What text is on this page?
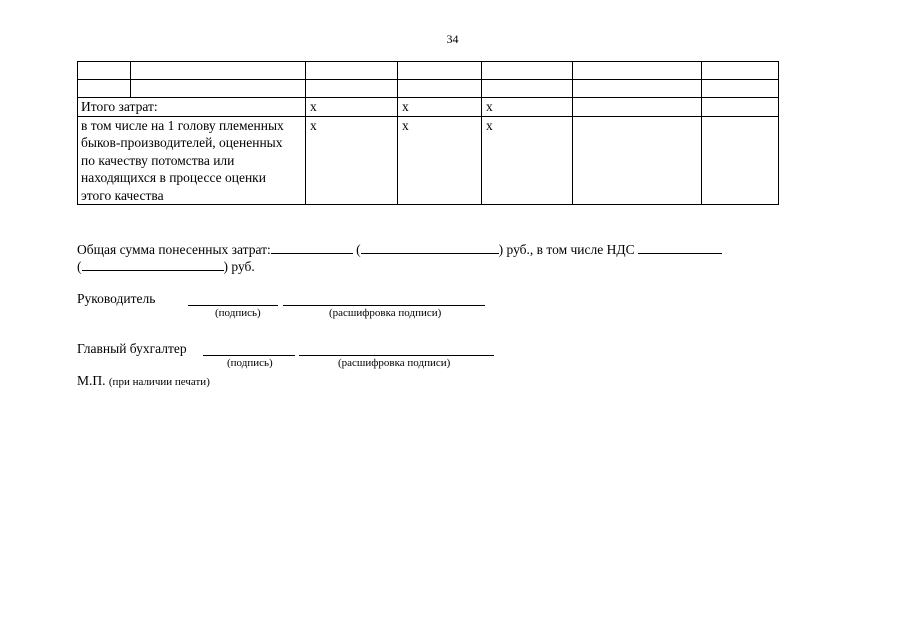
34

Итого затрат:		х	х	х		
в том числе на 1 голову племенных быков-производителей, оцененных по качеству потомства или находящихся в процессе оценки этого качества		х	х	х		
Общая сумма понесенных затрат:	(	) руб., в том числе НДС
(	) руб.
Руководитель
(подпись)	(расшифровка подписи)
Главный бухгалтер
(подпись)	(расшифровка подписи)
М.П. (при наличии печати)
